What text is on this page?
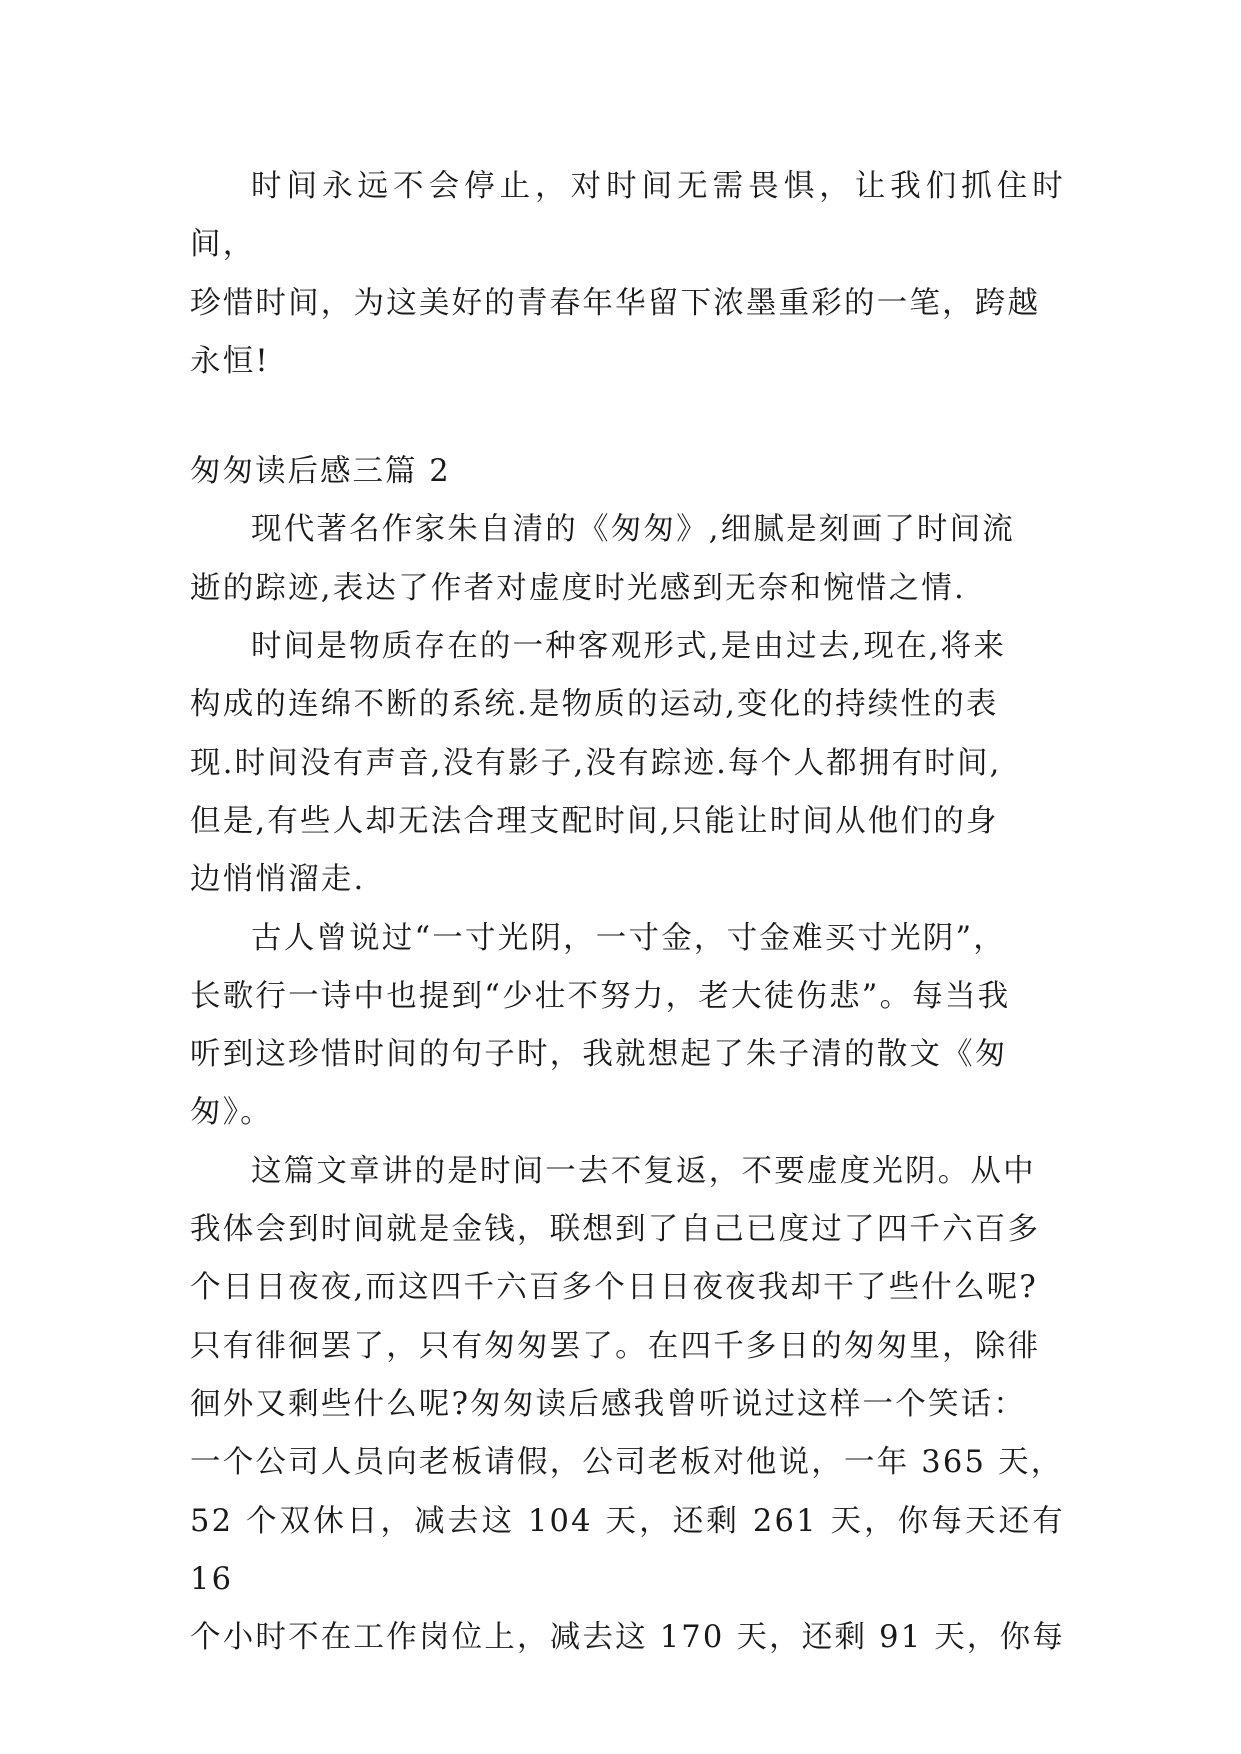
时间永远不会停止，对时间无需畏惧，让我们抓住时间，
珍惜时间，为这美好的青春年华留下浓墨重彩的一笔，跨越
永恒!

匆匆读后感三篇 2

现代著名作家朱自清的《匆匆》,细腻是刻画了时间流
逝的踪迹,表达了作者对虚度时光感到无奈和惋惜之情.

时间是物质存在的一种客观形式,是由过去,现在,将来
构成的连绵不断的系统.是物质的运动,变化的持续性的表
现.时间没有声音,没有影子,没有踪迹.每个人都拥有时间,
但是,有些人却无法合理支配时间,只能让时间从他们的身
边悄悄溜走.

古人曾说过“一寸光阴，一寸金，寸金难买寸光阴”，
长歌行一诗中也提到“少壮不努力，老大徒伤悲”。每当我
听到这珍惜时间的句子时，我就想起了朱子清的散文《匆
匆》。

这篇文章讲的是时间一去不复返，不要虚度光阴。从中
我体会到时间就是金钱，联想到了自己已度过了四千六百多
个日日夜夜,而这四千六百多个日日夜夜我却干了些什么呢?
只有徘徊罢了，只有匆匆罢了。在四千多日的匆匆里，除徘
徊外又剩些什么呢?匆匆读后感我曾听说过这样一个笑话：
一个公司人员向老板请假，公司老板对他说，一年 365 天，
52 个双休日，减去这 104 天，还剩 261 天，你每天还有 16
个小时不在工作岗位上，减去这 170 天，还剩 91 天，你每
